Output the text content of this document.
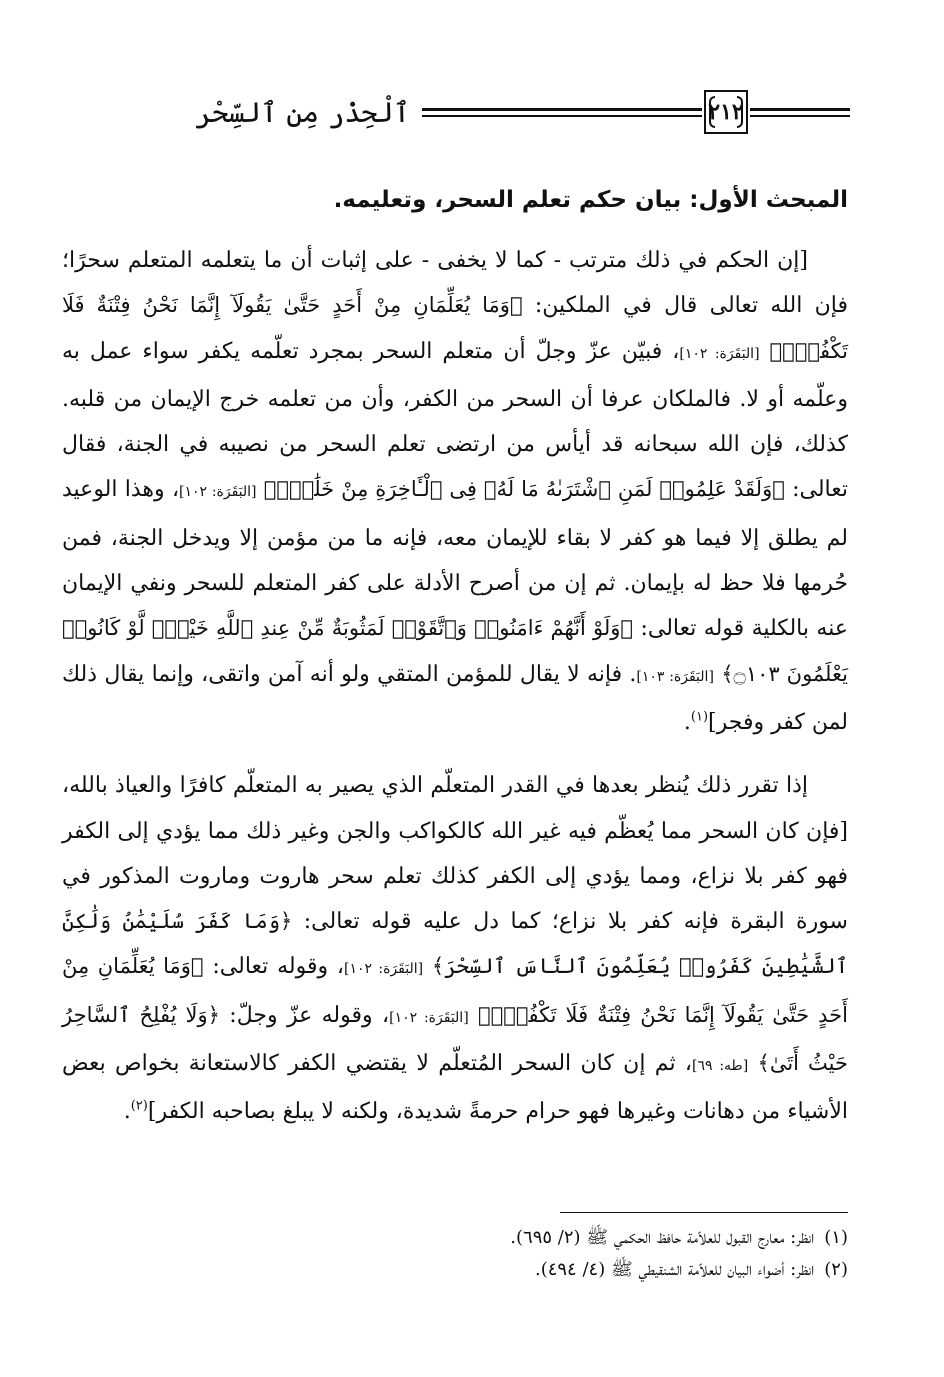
٢١٢
ٱلْحِذْر مِن ٱلسِّحْر
المبحث الأول: بيان حكم تعلم السحر، وتعليمه.

[إن الحكم في ذلك مترتب - كما لا يخفى - على إثبات أن ما يتعلمه المتعلم سحرًا؛ فإن الله تعالى قال في الملكين: ﴿وَمَا يُعَلِّمَانِ مِنْ أَحَدٍ حَتَّىٰ يَقُولَآ إِنَّمَا نَحْنُ فِتْنَةٌ فَلَا تَكْفُرْۖ﴾ [البَقَرَة: ١٠٢]، فبيّن عزّ وجلّ أن متعلم السحر بمجرد تعلّمه يكفر سواء عمل به وعلّمه أو لا. فالملكان عرفا أن السحر من الكفر، وأن من تعلمه خرج الإيمان من قلبه. كذلك، فإن الله سبحانه قد أيأس من ارتضى تعلم السحر من نصيبه في الجنة، فقال تعالى: ﴿وَلَقَدْ عَلِمُوا۟ لَمَنِ ٱشْتَرَىٰهُ مَا لَهُۥ فِى ٱلْـَٔاخِرَةِ مِنْ خَلَٰقٍۚ﴾ [البَقَرَة: ١٠٢]، وهذا الوعيد لم يطلق إلا فيما هو كفر لا بقاء للإيمان معه، فإنه ما من مؤمن إلا ويدخل الجنة، فمن حُرمها فلا حظ له بإيمان. ثم إن من أصرح الأدلة على كفر المتعلم للسحر ونفي الإيمان عنه بالكلية قوله تعالى: ﴿وَلَوْ أَنَّهُمْ ءَامَنُوا۟ وَٱتَّقَوْا۟ لَمَثُوبَةٌ مِّنْ عِندِ ٱللَّهِ خَيْرٌۖ لَّوْ كَانُوا۟ يَعْلَمُونَ ۝١٠٣﴾ [البَقَرَة: ١٠٣]. فإنه لا يقال للمؤمن المتقي ولو أنه آمن واتقى، وإنما يقال ذلك لمن كفر وفجر]$^{(١)}$.

إذا تقرر ذلك يُنظر بعدها في القدر المتعلّم الذي يصير به المتعلّم كافرًا والعياذ بالله، [فإن كان السحر مما يُعظّم فيه غير الله كالكواكب والجن وغير ذلك مما يؤدي إلى الكفر فهو كفر بلا نزاع، ومما يؤدي إلى الكفر كذلك تعلم سحر هاروت وماروت المذكور في سورة البقرة فإنه كفر بلا نزاع؛ كما دل عليه قوله تعالى: ﴿وَمَا كَفَرَ سُلَيْمَٰنُ وَلَٰكِنَّ ٱلشَّيَٰطِينَ كَفَرُوا۟ يُعَلِّمُونَ ٱلنَّاسَ ٱلسِّحْرَ﴾ [البَقَرَة: ١٠٢]، وقوله تعالى: ﴿وَمَا يُعَلِّمَانِ مِنْ أَحَدٍ حَتَّىٰ يَقُولَآ إِنَّمَا نَحْنُ فِتْنَةٌ فَلَا تَكْفُرْۖ﴾ [البَقَرَة: ١٠٢]، وقوله عزّ وجلّ: ﴿وَلَا يُفْلِحُ ٱلسَّاحِرُ حَيْثُ أَتَىٰ﴾ [طه: ٦٩]، ثم إن كان السحر المُتعلّم لا يقتضي الكفر كالاستعانة بخواص بعض الأشياء من دهانات وغيرها فهو حرام حرمةً شديدة، ولكنه لا يبلغ بصاحبه الكفر]$^{(٢)}$.

(١)انظر: معارج القبول للعلاّمة حافظ الحكمي ﷺ (٢/ ٦٩٥).

(٢)انظر: أضواء البيان للعلاّمة الشنقيطي ﷺ (٤/ ٤٩٤).
